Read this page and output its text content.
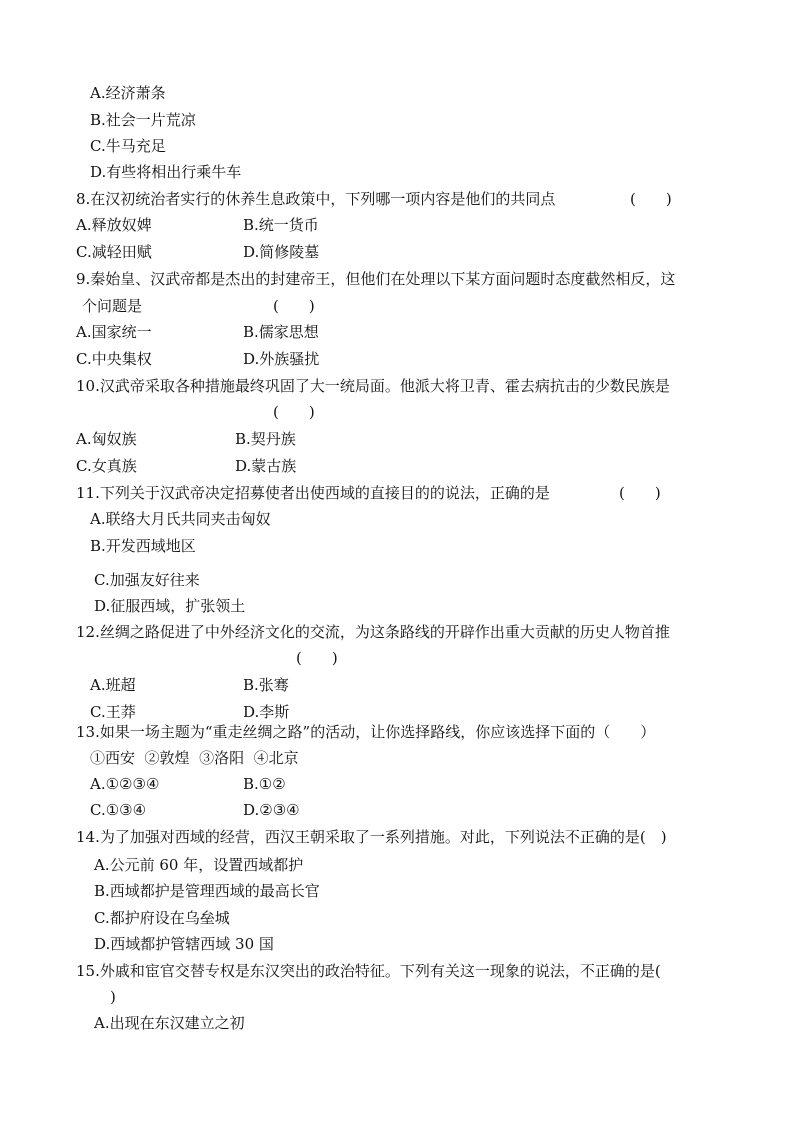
A.经济萧条
B.社会一片荒凉
C.牛马充足
D.有些将相出行乘牛车
8.在汉初统治者实行的休养生息政策中，下列哪一项内容是他们的共同点	(　　)
A.释放奴婢	B.统一货币
C.减轻田赋	D.简修陵墓
9.秦始皇、汉武帝都是杰出的封建帝王，但他们在处理以下某方面问题时态度截然相反，这
个问题是	(　　)
A.国家统一	B.儒家思想
C.中央集权	D.外族骚扰
10.汉武帝采取各种措施最终巩固了大一统局面。他派大将卫青、霍去病抗击的少数民族是
(　　)
A.匈奴族	B.契丹族
C.女真族	D.蒙古族
11.下列关于汉武帝决定招募使者出使西域的直接目的的说法，正确的是	(　　)
A.联络大月氏共同夹击匈奴
B.开发西域地区
C.加强友好往来
D.征服西域，扩张领土
12.丝绸之路促进了中外经济文化的交流，为这条路线的开辟作出重大贡献的历史人物首推
(　　)
A.班超	B.张骞
C.王莽	D.李斯
13.如果一场主题为“重走丝绸之路”的活动，让你选择路线，你应该选择下面的（　　）
①西安  ②敦煌  ③洛阳  ④北京
A.①②③④	B.①②
C.①③④	D.②③④
14.为了加强对西域的经营，西汉王朝采取了一系列措施。对此，下列说法不正确的是(　)
A.公元前 60 年，设置西域都护
B.西域都护是管理西域的最高长官
C.都护府设在乌垒城
D.西域都护管辖西域 30 国
15.外戚和宦官交替专权是东汉突出的政治特征。下列有关这一现象的说法，不正确的是(
)
A.出现在东汉建立之初
